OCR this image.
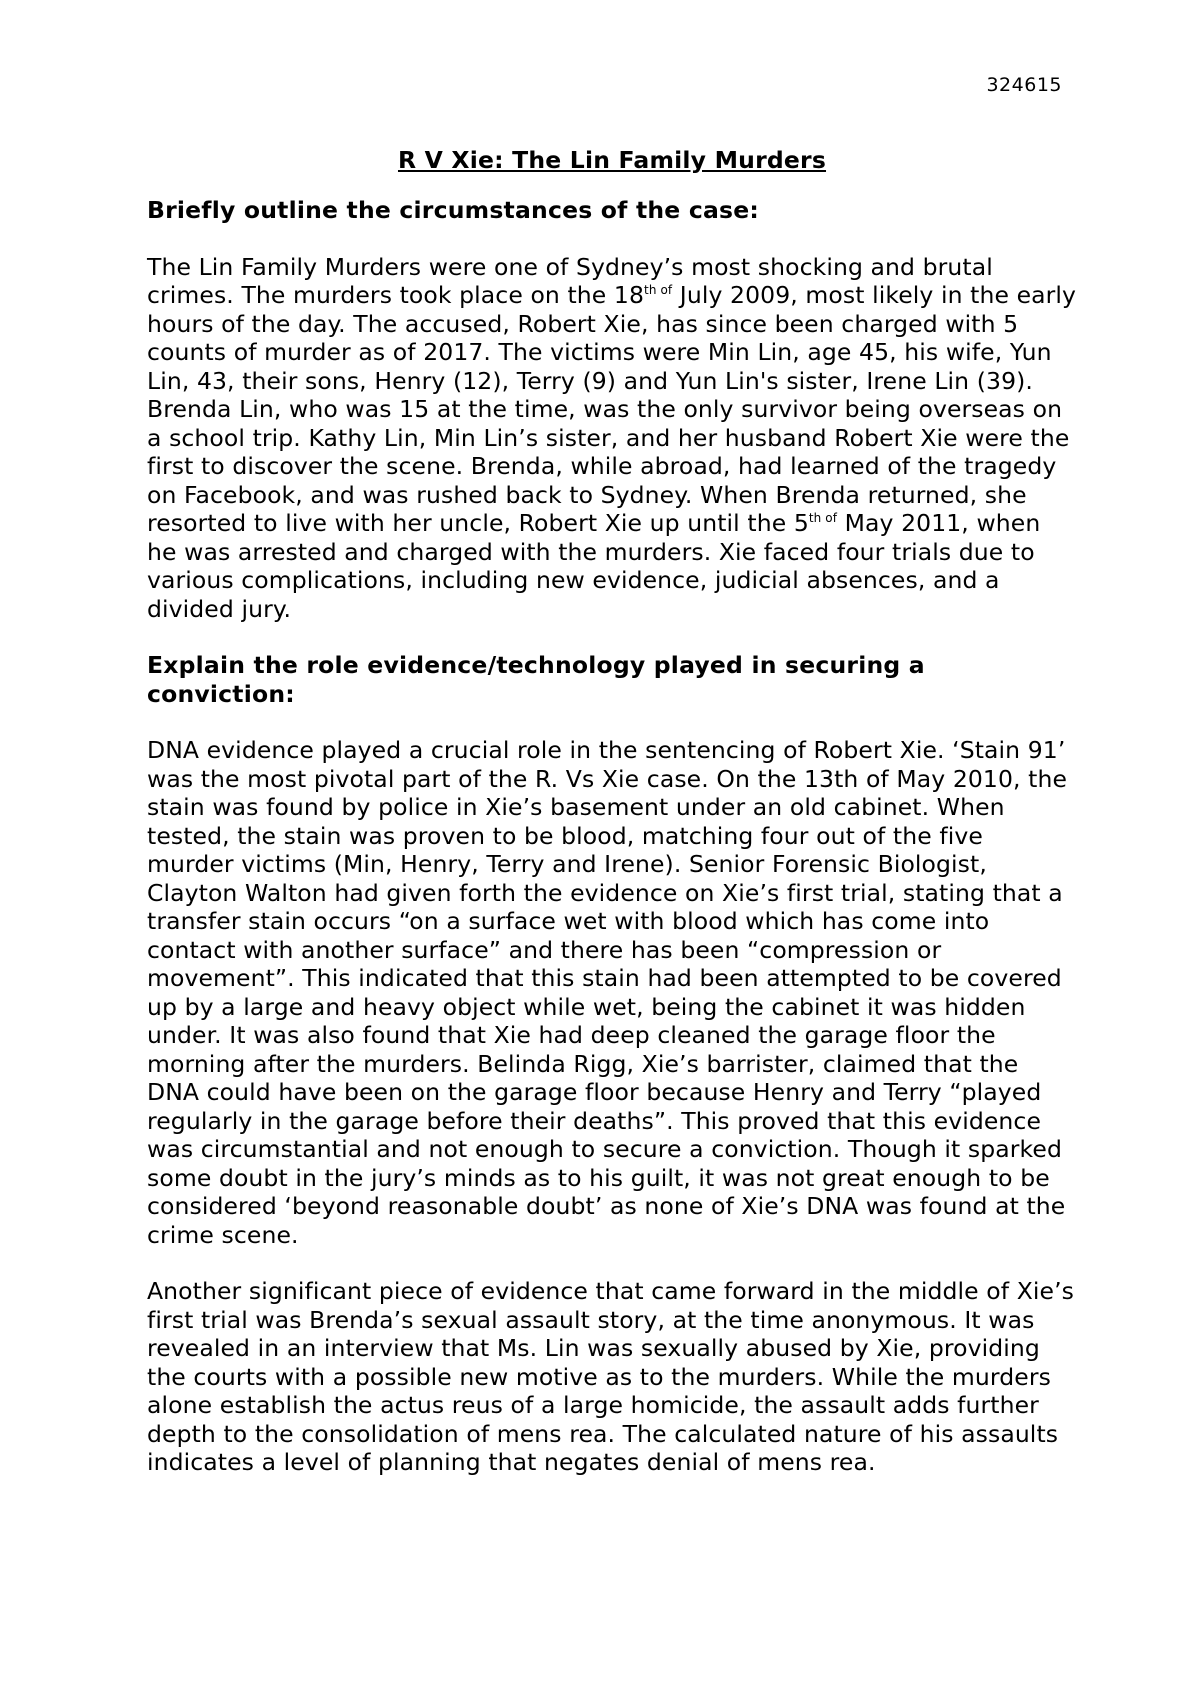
324615
R V Xie: The Lin Family Murders
Briefly outline the circumstances of the case:
The Lin Family Murders were one of Sydney’s most shocking and brutal crimes. The murders took place on the $18^{th of}$ July 2009, most likely in the early hours of the day. The accused, Robert Xie, has since been charged with 5 counts of murder as of 2017. The victims were Min Lin, age 45, his wife, Yun Lin, 43, their sons, Henry (12), Terry (9) and Yun Lin's sister, Irene Lin (39). Brenda Lin, who was 15 at the time, was the only survivor being overseas on a school trip. Kathy Lin, Min Lin’s sister, and her husband Robert Xie were the first to discover the scene. Brenda, while abroad, had learned of the tragedy on Facebook, and was rushed back to Sydney. When Brenda returned, she resorted to live with her uncle, Robert Xie up until the $5^{th of}$ May 2011, when he was arrested and charged with the murders. Xie faced four trials due to various complications, including new evidence, judicial absences, and a divided jury.
Explain the role evidence/technology played in securing a conviction:
DNA evidence played a crucial role in the sentencing of Robert Xie. ‘Stain 91’ was the most pivotal part of the R. Vs Xie case. On the 13th of May 2010, the stain was found by police in Xie’s basement under an old cabinet. When tested, the stain was proven to be blood, matching four out of the five murder victims (Min, Henry, Terry and Irene). Senior Forensic Biologist, Clayton Walton had given forth the evidence on Xie’s first trial, stating that a transfer stain occurs “on a surface wet with blood which has come into contact with another surface” and there has been “compression or movement”. This indicated that this stain had been attempted to be covered up by a large and heavy object while wet, being the cabinet it was hidden under. It was also found that Xie had deep cleaned the garage floor the morning after the murders. Belinda Rigg, Xie’s barrister, claimed that the DNA could have been on the garage floor because Henry and Terry “played regularly in the garage before their deaths”. This proved that this evidence was circumstantial and not enough to secure a conviction. Though it sparked some doubt in the jury’s minds as to his guilt, it was not great enough to be considered ‘beyond reasonable doubt’ as none of Xie’s DNA was found at the crime scene.
Another significant piece of evidence that came forward in the middle of Xie’s first trial was Brenda’s sexual assault story, at the time anonymous. It was revealed in an interview that Ms. Lin was sexually abused by Xie, providing the courts with a possible new motive as to the murders. While the murders alone establish the actus reus of a large homicide, the assault adds further depth to the consolidation of mens rea. The calculated nature of his assaults indicates a level of planning that negates denial of mens rea.
